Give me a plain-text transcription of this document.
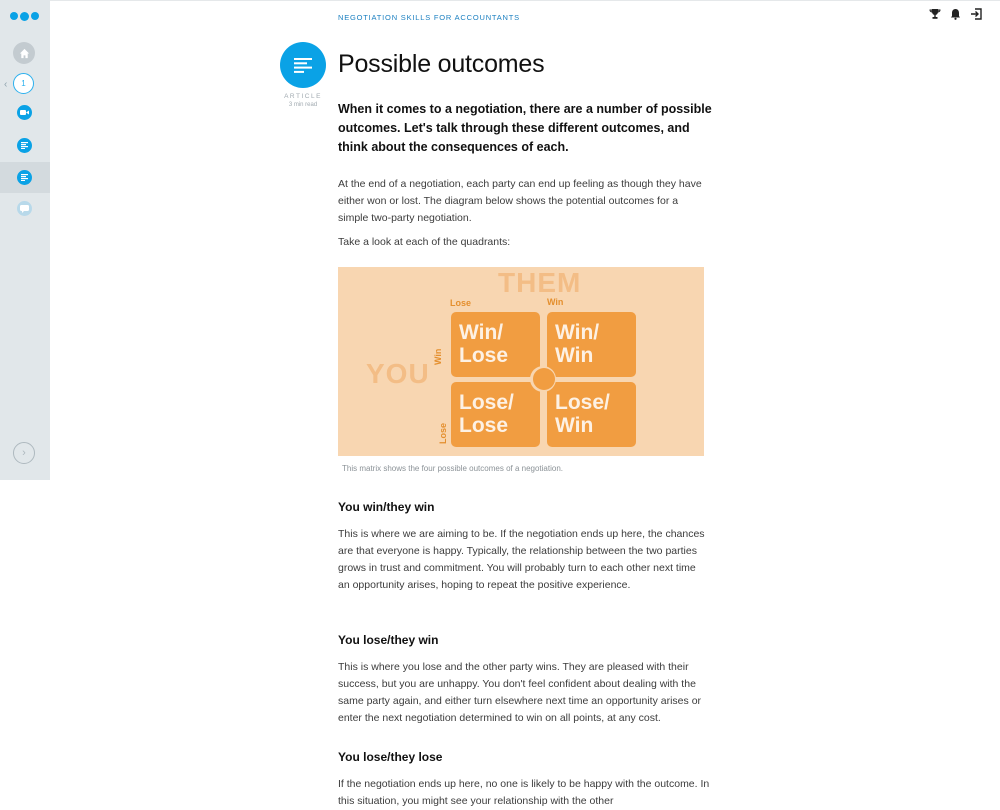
‹ 1
›
NEGOTIATION SKILLS FOR ACCOUNTANTS
ARTICLE
3 min read
Possible outcomes

When it comes to a negotiation, there are a number of possible outcomes. Let's talk through these different outcomes, and think about the consequences of each.

At the end of a negotiation, each party can end up feeling as though they have either won or lost. The diagram below shows the potential outcomes for a simple two-party negotiation.

Take a look at each of the quadrants:

THEM
YOU
Lose	Win
Win
Lose
Win/
Lose
Win/
Win
Lose/
Lose
Lose/
Win
This matrix shows the four possible outcomes of a negotiation.
You win/they win

This is where we are aiming to be. If the negotiation ends up here, the chances are that everyone is happy. Typically, the relationship between the two parties grows in trust and commitment. You will probably turn to each other next time an opportunity arises, hoping to repeat the positive experience.

You lose/they win

This is where you lose and the other party wins. They are pleased with their success, but you are unhappy. You don't feel confident about dealing with the same party again, and either turn elsewhere next time an opportunity arises or enter the next negotiation determined to win on all points, at any cost.

You lose/they lose

If the negotiation ends up here, no one is likely to be happy with the outcome. In this situation, you might see your relationship with the other
